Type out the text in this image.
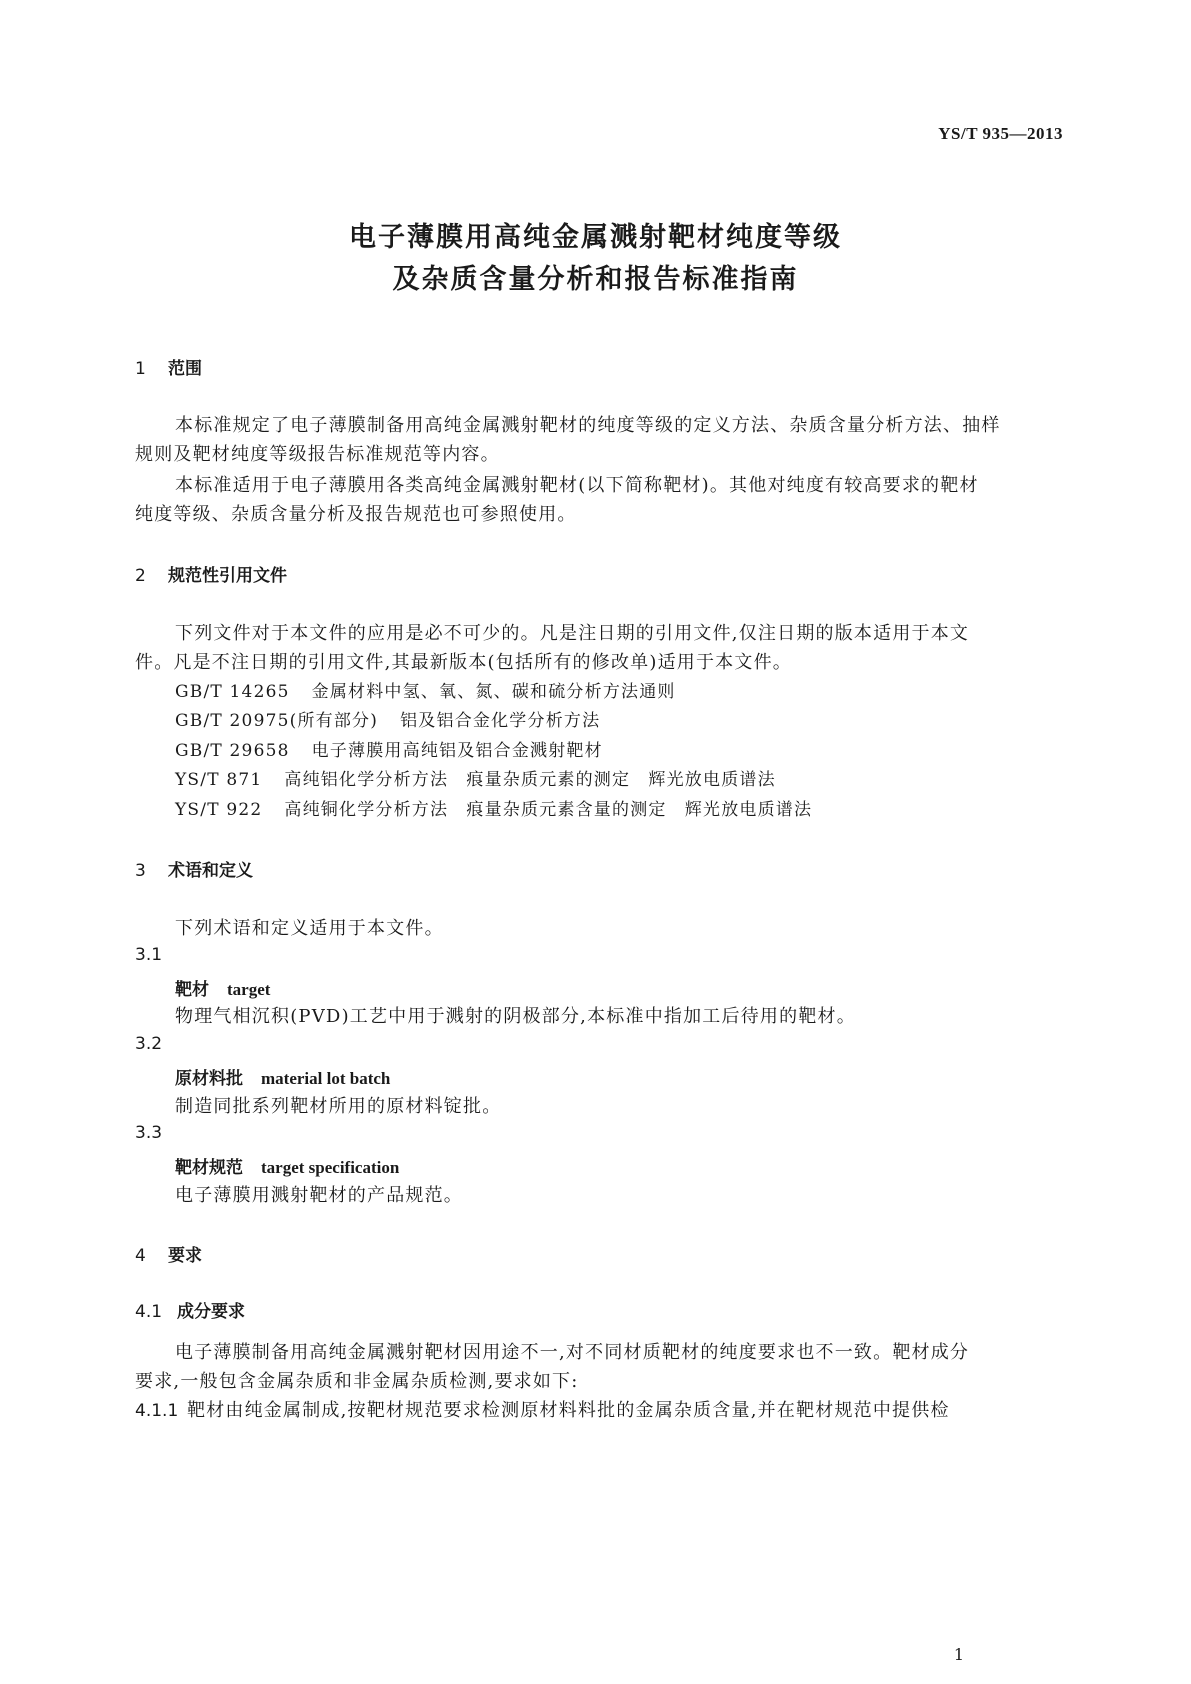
YS/T 935—2013
电子薄膜用高纯金属溅射靶材纯度等级
及杂质含量分析和报告标准指南
1 范围
本标准规定了电子薄膜制备用高纯金属溅射靶材的纯度等级的定义方法、杂质含量分析方法、抽样
规则及靶材纯度等级报告标准规范等内容。
本标准适用于电子薄膜用各类高纯金属溅射靶材(以下简称靶材)。其他对纯度有较高要求的靶材
纯度等级、杂质含量分析及报告规范也可参照使用。
2 规范性引用文件
下列文件对于本文件的应用是必不可少的。凡是注日期的引用文件,仅注日期的版本适用于本文
件。凡是不注日期的引用文件,其最新版本(包括所有的修改单)适用于本文件。
GB/T 14265 金属材料中氢、氧、氮、碳和硫分析方法通则
GB/T 20975(所有部分) 铝及铝合金化学分析方法
GB/T 29658 电子薄膜用高纯铝及铝合金溅射靶材
YS/T 871 高纯铝化学分析方法　痕量杂质元素的测定　辉光放电质谱法
YS/T 922 高纯铜化学分析方法　痕量杂质元素含量的测定　辉光放电质谱法
3 术语和定义
下列术语和定义适用于本文件。
3.1
靶材 target
物理气相沉积(PVD)工艺中用于溅射的阴极部分,本标准中指加工后待用的靶材。
3.2
原材料批 material lot batch
制造同批系列靶材所用的原材料锭批。
3.3
靶材规范 target specification
电子薄膜用溅射靶材的产品规范。
4 要求
4.1 成分要求
电子薄膜制备用高纯金属溅射靶材因用途不一,对不同材质靶材的纯度要求也不一致。靶材成分
要求,一般包含金属杂质和非金属杂质检测,要求如下:
4.1.1 靶材由纯金属制成,按靶材规范要求检测原材料料批的金属杂质含量,并在靶材规范中提供检
1
